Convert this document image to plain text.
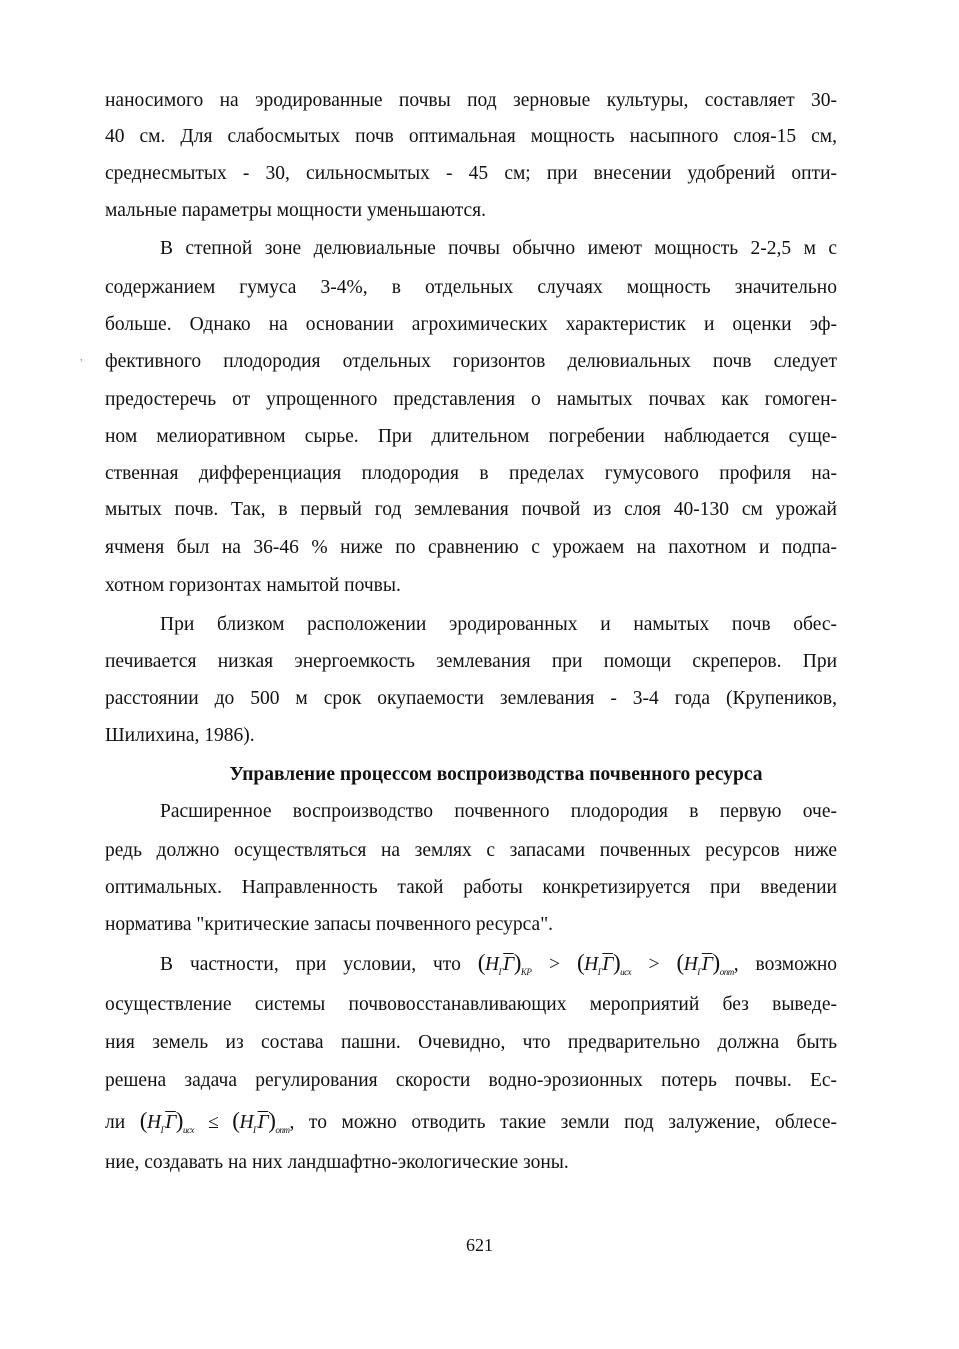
,
наносимого на эродированные почвы под зерновые культуры, составляет 30-
40 см. Для слабосмытых почв оптимальная мощность насыпного слоя-15 см,
среднесмытых - 30, сильносмытых - 45 см; при внесении удобрений опти-
мальные параметры мощности уменьшаются.
В степной зоне делювиальные почвы обычно имеют мощность 2-2,5 м с
содержанием гумуса 3-4%, в отдельных случаях мощность значительно
больше. Однако на основании агрохимических характеристик и оценки эф-
фективного плодородия отдельных горизонтов делювиальных почв следует
предостеречь от упрощенного представления о намытых почвах как гомоген-
ном мелиоративном сырье. При длительном погребении наблюдается суще-
ственная дифференциация плодородия в пределах гумусового профиля на-
мытых почв. Так, в первый год землевания почвой из слоя 40-130 см урожай
ячменя был на 36-46 % ниже по сравнению с урожаем на пахотном и подпа-
хотном горизонтах намытой почвы.
При близком расположении эродированных и намытых почв обес-
печивается низкая энергоемкость землевания при помощи скреперов. При
расстоянии до 500 м срок окупаемости землевания - 3-4 года (Крупеников,
Шилихина, 1986).
Управление процессом воспроизводства почвенного ресурса
Расширенное воспроизводство почвенного плодородия в первую оче-
редь должно осуществляться на землях с запасами почвенных ресурсов ниже
оптимальных. Направленность такой работы конкретизируется при введении
норматива "критические запасы почвенного ресурса".
В частности, при условии, что $(H_ГГ)_{КР} > (H_ГГ)_{исх} > (H_ГГ)_{опт}$, возможно
осуществление системы почвовосстанавливающих мероприятий без выведе-
ния земель из состава пашни. Очевидно, что предварительно должна быть
решена задача регулирования скорости водно-эрозионных потерь почвы. Ес-
ли $(H_ГГ)_{исх} \le (H_ГГ)_{опт}$, то можно отводить такие земли под залужение, облесе-
ние, создавать на них ландшафтно-экологические зоны.
621
